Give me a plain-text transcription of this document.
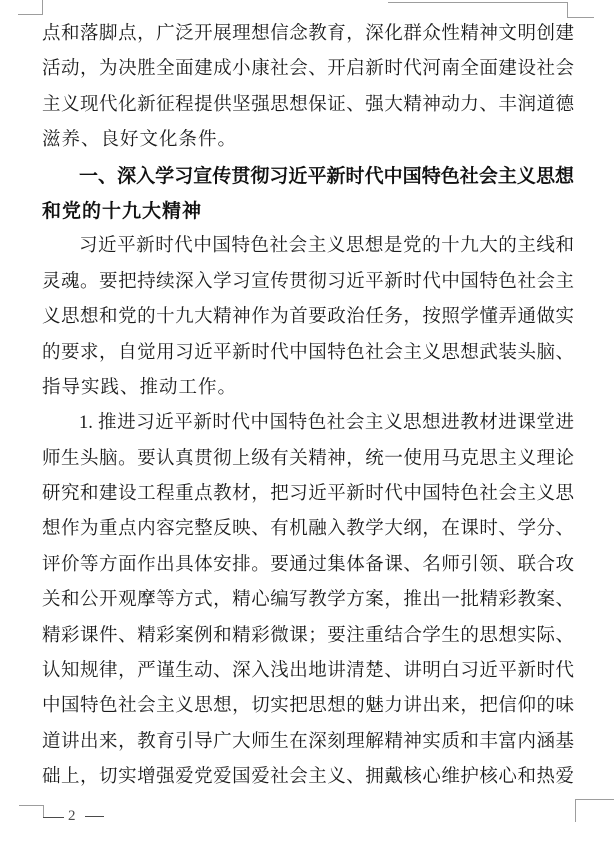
点和落脚点，广泛开展理想信念教育，深化群众性精神文明创建
活动，为决胜全面建成小康社会、开启新时代河南全面建设社会
主义现代化新征程提供坚强思想保证、强大精神动力、丰润道德
滋养、良好文化条件。
一、深入学习宣传贯彻习近平新时代中国特色社会主义思想
和党的十九大精神
习近平新时代中国特色社会主义思想是党的十九大的主线和
灵魂。要把持续深入学习宣传贯彻习近平新时代中国特色社会主
义思想和党的十九大精神作为首要政治任务，按照学懂弄通做实
的要求，自觉用习近平新时代中国特色社会主义思想武装头脑、
指导实践、推动工作。
1. 推进习近平新时代中国特色社会主义思想进教材进课堂进
师生头脑。要认真贯彻上级有关精神，统一使用马克思主义理论
研究和建设工程重点教材，把习近平新时代中国特色社会主义思
想作为重点内容完整反映、有机融入教学大纲，在课时、学分、
评价等方面作出具体安排。要通过集体备课、名师引领、联合攻
关和公开观摩等方式，精心编写教学方案，推出一批精彩教案、
精彩课件、精彩案例和精彩微课；要注重结合学生的思想实际、
认知规律，严谨生动、深入浅出地讲清楚、讲明白习近平新时代
中国特色社会主义思想，切实把思想的魅力讲出来，把信仰的味
道讲出来，教育引导广大师生在深刻理解精神实质和丰富内涵基
础上，切实增强爱党爱国爱社会主义、拥戴核心维护核心和热爱
2
